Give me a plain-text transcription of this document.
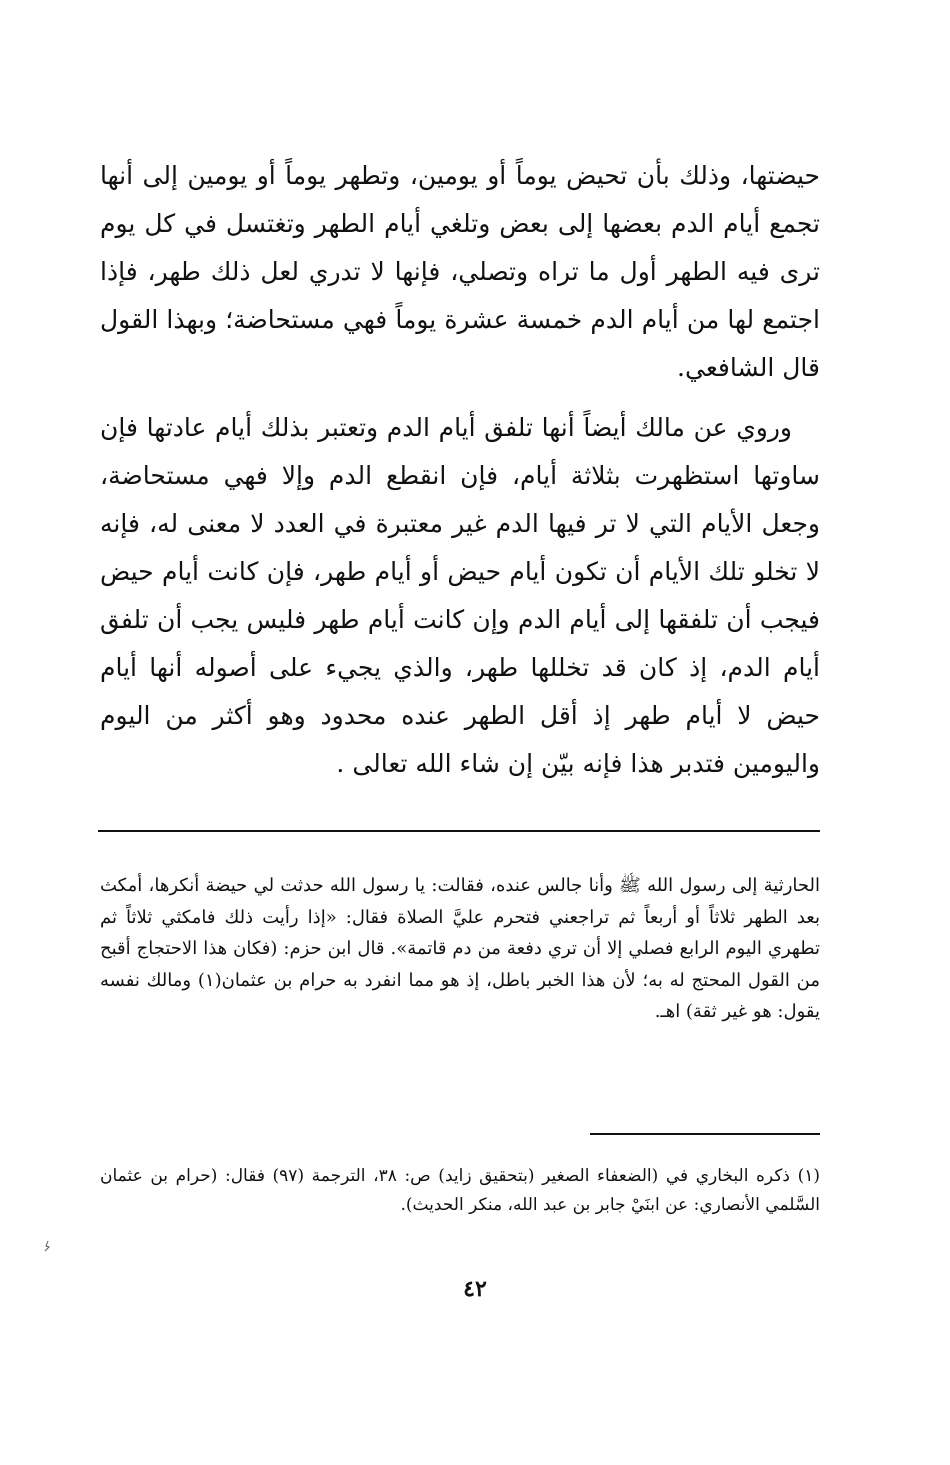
حيضتها، وذلك بأن تحيض يوماً أو يومين، وتطهر يوماً أو يومين إلى أنها تجمع أيام الدم بعضها إلى بعض وتلغي أيام الطهر وتغتسل في كل يوم ترى فيه الطهر أول ما تراه وتصلي، فإنها لا تدري لعل ذلك طهر، فإذا اجتمع لها من أيام الدم خمسة عشرة يوماً فهي مستحاضة؛ وبهذا القول قال الشافعي.

وروي عن مالك أيضاً أنها تلفق أيام الدم وتعتبر بذلك أيام عادتها فإن ساوتها استظهرت بثلاثة أيام، فإن انقطع الدم وإلا فهي مستحاضة، وجعل الأيام التي لا تر فيها الدم غير معتبرة في العدد لا معنى له، فإنه لا تخلو تلك الأيام أن تكون أيام حيض أو أيام طهر، فإن كانت أيام حيض فيجب أن تلفقها إلى أيام الدم وإن كانت أيام طهر فليس يجب أن تلفق أيام الدم، إذ كان قد تخللها طهر، والذي يجيء على أصوله أنها أيام حيض لا أيام طهر إذ أقل الطهر عنده محدود وهو أكثر من اليوم واليومين فتدبر هذا فإنه بيّن إن شاء الله تعالى .

الحارثية إلى رسول الله ﷺ وأنا جالس عنده، فقالت: يا رسول الله حدثت لي حيضة أنكرها، أمكث بعد الطهر ثلاثاً أو أربعاً ثم تراجعني فتحرم عليَّ الصلاة فقال: «إذا رأيت ذلك فامكثي ثلاثاً ثم تطهري اليوم الرابع فصلي إلا أن تري دفعة من دم قاتمة». قال ابن حزم: (فكان هذا الاحتجاج أقبح من القول المحتج له به؛ لأن هذا الخبر باطل، إذ هو مما انفرد به حرام بن عثمان(١) ومالك نفسه يقول: هو غير ثقة) اهـ.
(١) ذكره البخاري في (الضعفاء الصغير (بتحقيق زايد) ص: ٣٨، الترجمة (٩٧) فقال: (حرام بن عثمان السَّلمي الأنصاري: عن ابنَيْ جابر بن عبد الله، منكر الحديث).
٤٢
